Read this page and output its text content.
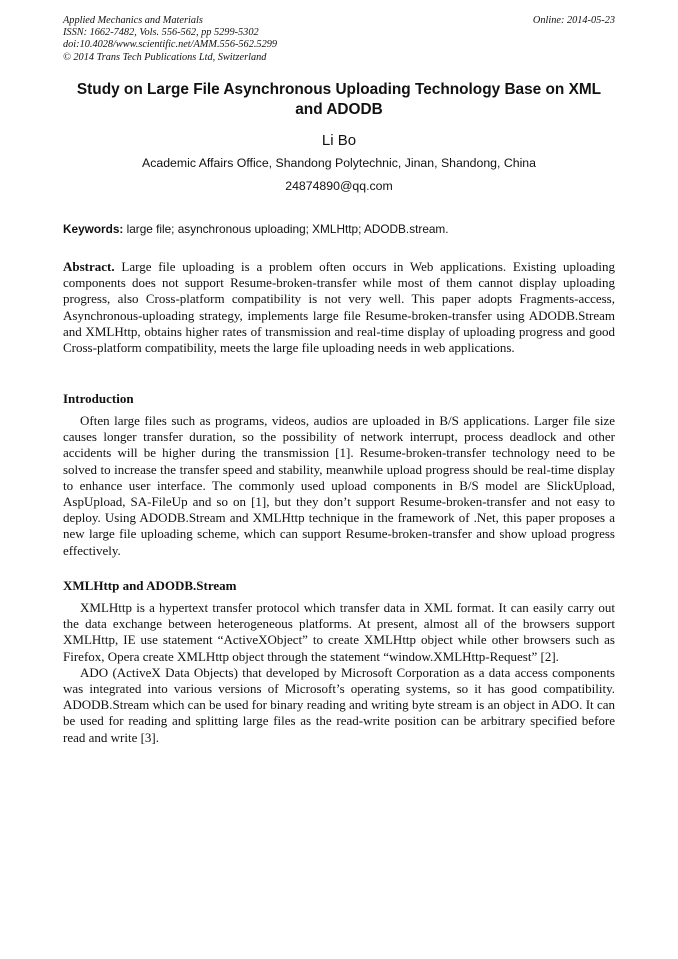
Applied Mechanics and Materials
ISSN: 1662-7482, Vols. 556-562, pp 5299-5302
doi:10.4028/www.scientific.net/AMM.556-562.5299
© 2014 Trans Tech Publications Ltd, Switzerland
Online: 2014-05-23
Study on Large File Asynchronous Uploading Technology Base on XML and ADODB
Li Bo
Academic Affairs Office, Shandong Polytechnic, Jinan, Shandong, China
24874890@qq.com
Keywords: large file; asynchronous uploading; XMLHttp; ADODB.stream.
Abstract. Large file uploading is a problem often occurs in Web applications. Existing uploading components does not support Resume-broken-transfer while most of them cannot display uploading progress, also Cross-platform compatibility is not very well. This paper adopts Fragments-access, Asynchronous-uploading strategy, implements large file Resume-broken-transfer using ADODB.Stream and XMLHttp, obtains higher rates of transmission and real-time display of uploading progress and good Cross-platform compatibility, meets the large file uploading needs in web applications.
Introduction

Often large files such as programs, videos, audios are uploaded in B/S applications. Larger file size causes longer transfer duration, so the possibility of network interrupt, process deadlock and other accidents will be higher during the transmission [1]. Resume-broken-transfer technology need to be solved to increase the transfer speed and stability, meanwhile upload progress should be real-time display to enhance user interface. The commonly used upload components in B/S model are SlickUpload, AspUpload, SA-FileUp and so on [1], but they don’t support Resume-broken-transfer and not easy to deploy. Using ADODB.Stream and XMLHttp technique in the framework of .Net, this paper proposes a new large file uploading scheme, which can support Resume-broken-transfer and show upload progress effectively.

XMLHttp and ADODB.Stream

XMLHttp is a hypertext transfer protocol which transfer data in XML format. It can easily carry out the data exchange between heterogeneous platforms. At present, almost all of the browsers support XMLHttp, IE use statement “ActiveXObject” to create XMLHttp object while other browsers such as Firefox, Opera create XMLHttp object through the statement “window.XMLHttp-Request” [2].

ADO (ActiveX Data Objects) that developed by Microsoft Corporation as a data access components was integrated into various versions of Microsoft’s operating systems, so it has good compatibility. ADODB.Stream which can be used for binary reading and writing byte stream is an object in ADO. It can be used for reading and splitting large files as the read-write position can be arbitrary specified before read and write [3].
